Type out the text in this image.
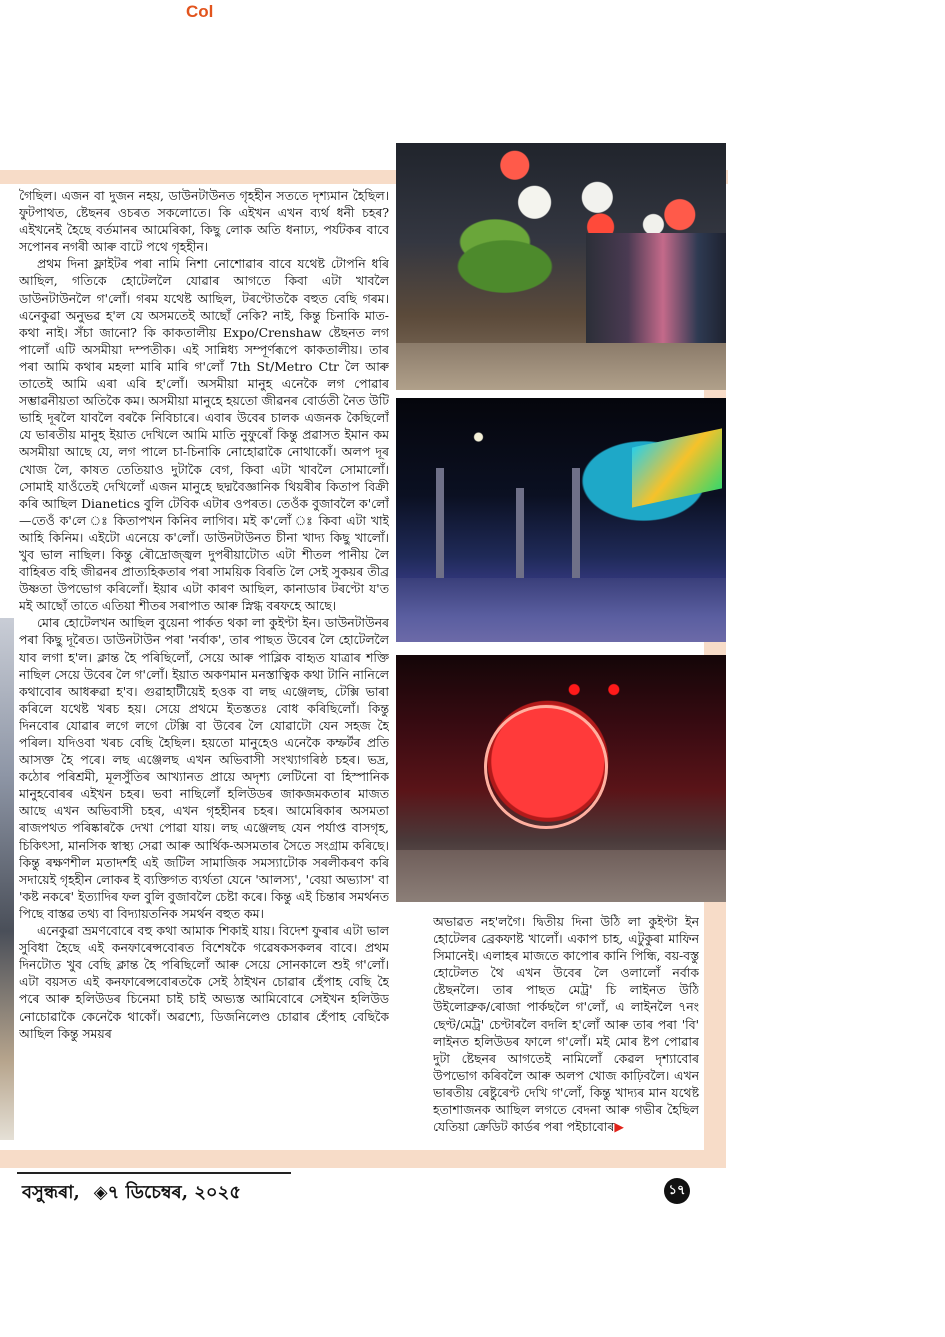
Col

গৈছিল। এজন বা দুজন নহয়, ডাউনটাউনত গৃহহীন সততে দৃশ্যমান হৈছিল। ফুটপাথত, ষ্টেছনৰ ওচৰত সকলোতে। কি এইখন এখন ব্যৰ্থ ধনী চহৰ? এইখনেই হৈছে বৰ্তমানৰ আমেৰিকা, কিছু লোক অতি ধনাঢ্য, পৰ্যটকৰ বাবে সপোনৰ নগৰী আৰু বাটে পথে গৃহহীন।

প্ৰথম দিনা ফ্লাইটৰ পৰা নামি নিশা নোশোৱাৰ বাবে যথেষ্ট টোপনি ধৰি আছিল, গতিকে হোটেললৈ যোৱাৰ আগতে কিবা এটা খাবলৈ ডাউনটাউনলৈ গ'লোঁ। গৰম যথেষ্ট আছিল, টৰণ্টোতকৈ বহুত বেছি গৰম। এনেকুৱা অনুভৱ হ'ল যে অসমতেই আছোঁ নেকি? নাই, কিন্তু চিনাকি মাত-কথা নাই। সঁচা জানো? কি কাকতালীয় Expo/Crenshaw ষ্টেছনত লগ পালোঁ এটি অসমীয়া দম্পতীক। এই সান্নিধ্য সম্পূৰ্ণৰূপে কাকতালীয়। তাৰ পৰা আমি কথাৰ মহলা মাৰি মাৰি গ'লোঁ 7th St/Metro Ctr লৈ আৰু তাতেই আমি এৰা এৰি হ'লোঁ। অসমীয়া মানুহ এনেকৈ লগ পোৱাৰ সম্ভাৱনীয়তা অতিকৈ কম। অসমীয়া মানুহে হয়তো জীৱনৰ বোৰ্ডতী নৈত উটি ভাহি দূৰলৈ যাবলৈ বৰকৈ নিবিচাৰে। এবাৰ উবেৰ চালক এজনক কৈছিলোঁ যে ভাৰতীয় মানুহ ইয়াত দেখিলে আমি মাতি নুফুৰোঁ কিন্তু প্ৰৱাসত ইমান কম অসমীয়া আছে যে, লগ পালে চা-চিনাকি নোহোৱাকৈ নোথাকোঁ। অলপ দূৰ খোজ লৈ, কাষত তেতিয়াও দুটাকৈ বেগ, কিবা এটা খাবলৈ সোমালোঁ। সোমাই যাওঁতেই দেখিলোঁ এজন মানুহে ছদ্মবৈজ্ঞানিক থিয়ৰীৰ কিতাপ বিক্ৰী কৰি আছিল Dianetics বুলি টেবিক এটাৰ ওপৰত। তেওঁক বুজাবলৈ ক'লোঁ—তেওঁ ক'লে ঃ কিতাপখন কিনিব লাগিব। মই ক'লোঁ ঃ কিবা এটা খাই আহি কিনিম। এইটো এনেয়ে ক'লোঁ। ডাউনটাউনত চীনা খাদ্য কিছু খালোঁ। খুব ভাল নাছিল। কিন্তু ৰৌদ্ৰোজ্জ্বল দুপৰীয়াটোত এটা শীতল পানীয় লৈ বাহিৰত বহি জীৱনৰ প্ৰাত্যহিকতাৰ পৰা সাময়িক বিৰতি লৈ সেই সুকয়ৰ তীব্ৰ উষ্ণতা উপভোগ কৰিলোঁ। ইয়াৰ এটা কাৰণ আছিল, কানাডাৰ টৰণ্টো য'ত মই আছোঁ তাতে এতিয়া শীতৰ সৰাপাত আৰু স্নিগ্ধ বৰফহে আছে।

মোৰ হোটেলখন আছিল বুয়েনা পাৰ্কত থকা লা কুইণ্টা ইন। ডাউনটাউনৰ পৰা কিছু দূৰৈত। ডাউনটাউন পৰা 'নৰ্বাক', তাৰ পাছত উবেৰ লৈ হোটেললৈ যাব লগা হ'ল। ক্লান্ত হৈ পৰিছিলোঁ, সেয়ে আৰু পাব্লিক বাহৃত যাত্ৰাৰ শক্তি নাছিল সেয়ে উবেৰ লৈ গ'লোঁ। ইয়াত অকণমান মনস্তাত্বিক কথা টানি নানিলে কথাবোৰ আধৰুৱা হ'ব। গুৱাহাটীয়েই হওক বা লছ এঞ্জেলছ, টেক্সি ভাৰা কৰিলে যথেষ্ট খৰচ হয়। সেয়ে প্ৰথমে ইতস্ততঃ বোধ কৰিছিলোঁ। কিন্তু দিনবোৰ যোৱাৰ লগে লগে টেক্সি বা উবেৰ লৈ যোৱাটো যেন সহজ হৈ পৰিল। যদিওবা খৰচ বেছি হৈছিল। হয়তো মানুহেও এনেকৈ কম্ফৰ্টৰ প্ৰতি আসক্ত হৈ পৰে। লছ এঞ্জেলছ এখন অভিবাসী সংখ্যাগৰিষ্ঠ চহৰ। ভদ্ৰ, কঠোৰ পৰিশ্ৰমী, মূলসুঁতিৰ আখ্যানত প্ৰায়ে অদৃশ্য লেটিনো বা হিস্পানিক মানুহবোৰৰ এইখন চহৰ। ভবা নাছিলোঁ হলিউডৰ জাকজমকতাৰ মাজত আছে এখন অভিবাসী চহৰ, এখন গৃহহীনৰ চহৰ। আমেৰিকাৰ অসমতা ৰাজপথত পৰিষ্কাৰকৈ দেখা পোৱা যায়। লছ এঞ্জেলছ যেন পৰ্যাপ্ত বাসগৃহ, চিকিৎসা, মানসিক স্বাস্থ্য সেৱা আৰু আৰ্থিক-অসমতাৰ সৈতে সংগ্ৰাম কৰিছে। কিন্তু ৰক্ষণশীল মতাদৰ্শই এই জটিল সামাজিক সমস্যাটোক সৰলীকৰণ কৰি সদায়েই গৃহহীন লোকৰ ই ব্যক্তিগত ব্যৰ্থতা যেনে 'আলস্য', 'বেয়া অভ্যাস' বা 'কষ্ট নকৰে' ইত্যাদিৰ ফল বুলি বুজাবলৈ চেষ্টা কৰে। কিন্তু এই চিন্তাৰ সমৰ্থনত পিছে বাস্তৱ তথ্য বা বিদ্যায়তনিক সমৰ্থন বহুত কম।

এনেকুৱা ভ্ৰমণবোৰে বহু কথা আমাক শিকাই যায়। বিদেশ ফুৰাৰ এটা ভাল সুবিধা হৈছে এই কনফাৰেন্সবোৰত বিশেষকৈ গৱেষকসকলৰ বাবে। প্ৰথম দিনটোত খুব বেছি ক্লান্ত হৈ পৰিছিলোঁ আৰু সেয়ে সোনকালে শুই গ'লোঁ। এটা বয়সত এই কনফাৰেন্সবোৰতকৈ সেই ঠাইখন চোৱাৰ হেঁপাহ বেছি হৈ পৰে আৰু হলিউডৰ চিনেমা চাই চাই অভ্যস্ত আমিবোৰে সেইখন হলিউড নোচোৱাকৈ কেনেকৈ থাকোঁ। অৱশ্যে, ডিজনিলেণ্ড চোৱাৰ হেঁপাহ বেছিকৈ আছিল কিন্তু সময়ৰ

অভাৱত নহ'লগৈ। দ্বিতীয় দিনা উঠি লা কুইণ্টা ইন হোটেলৰ ব্ৰেকফাষ্ট খালোঁ। একাপ চাহ, এটুকুৰা মাফিন সিমানেই। এলাহৰ মাজতে কাপোৰ কানি পিন্ধি, বয়-বস্তু হোটেলত থৈ এখন উবেৰ লৈ ওলালোঁ নৰ্বাক ষ্টেছনলৈ। তাৰ পাছত মেট্ৰ' চি লাইনত উঠি উইলোব্ৰুক/ৰোজা পাৰ্কছলৈ গ'লোঁ, এ লাইনলৈ ৭নং ছেণ্ট/মেট্ৰ' চেণ্টাৰলৈ বদলি হ'লোঁ আৰু তাৰ পৰা 'বি' লাইনত হলিউডৰ ফালে গ'লোঁ। মই মোৰ ষ্টপ পোৱাৰ দুটা ষ্টেছনৰ আগতেই নামিলোঁ কেৱল দৃশ্যাবোৰ উপভোগ কৰিবলৈ আৰু অলপ খোজ কাঢ়িবলৈ। এখন ভাৰতীয় ৰেষ্টুৰেণ্ট দেখি গ'লোঁ, কিন্তু খাদ্যৰ মান যথেষ্ট হতাশাজনক আছিল লগতে বেদনা আৰু গভীৰ হৈছিল যেতিয়া ক্ৰেডিট কাৰ্ডৰ পৰা পইচাবোৰ▶

বসুন্ধৰা, ◈৭ ডিচেম্বৰ, ২০২৫	১৭
